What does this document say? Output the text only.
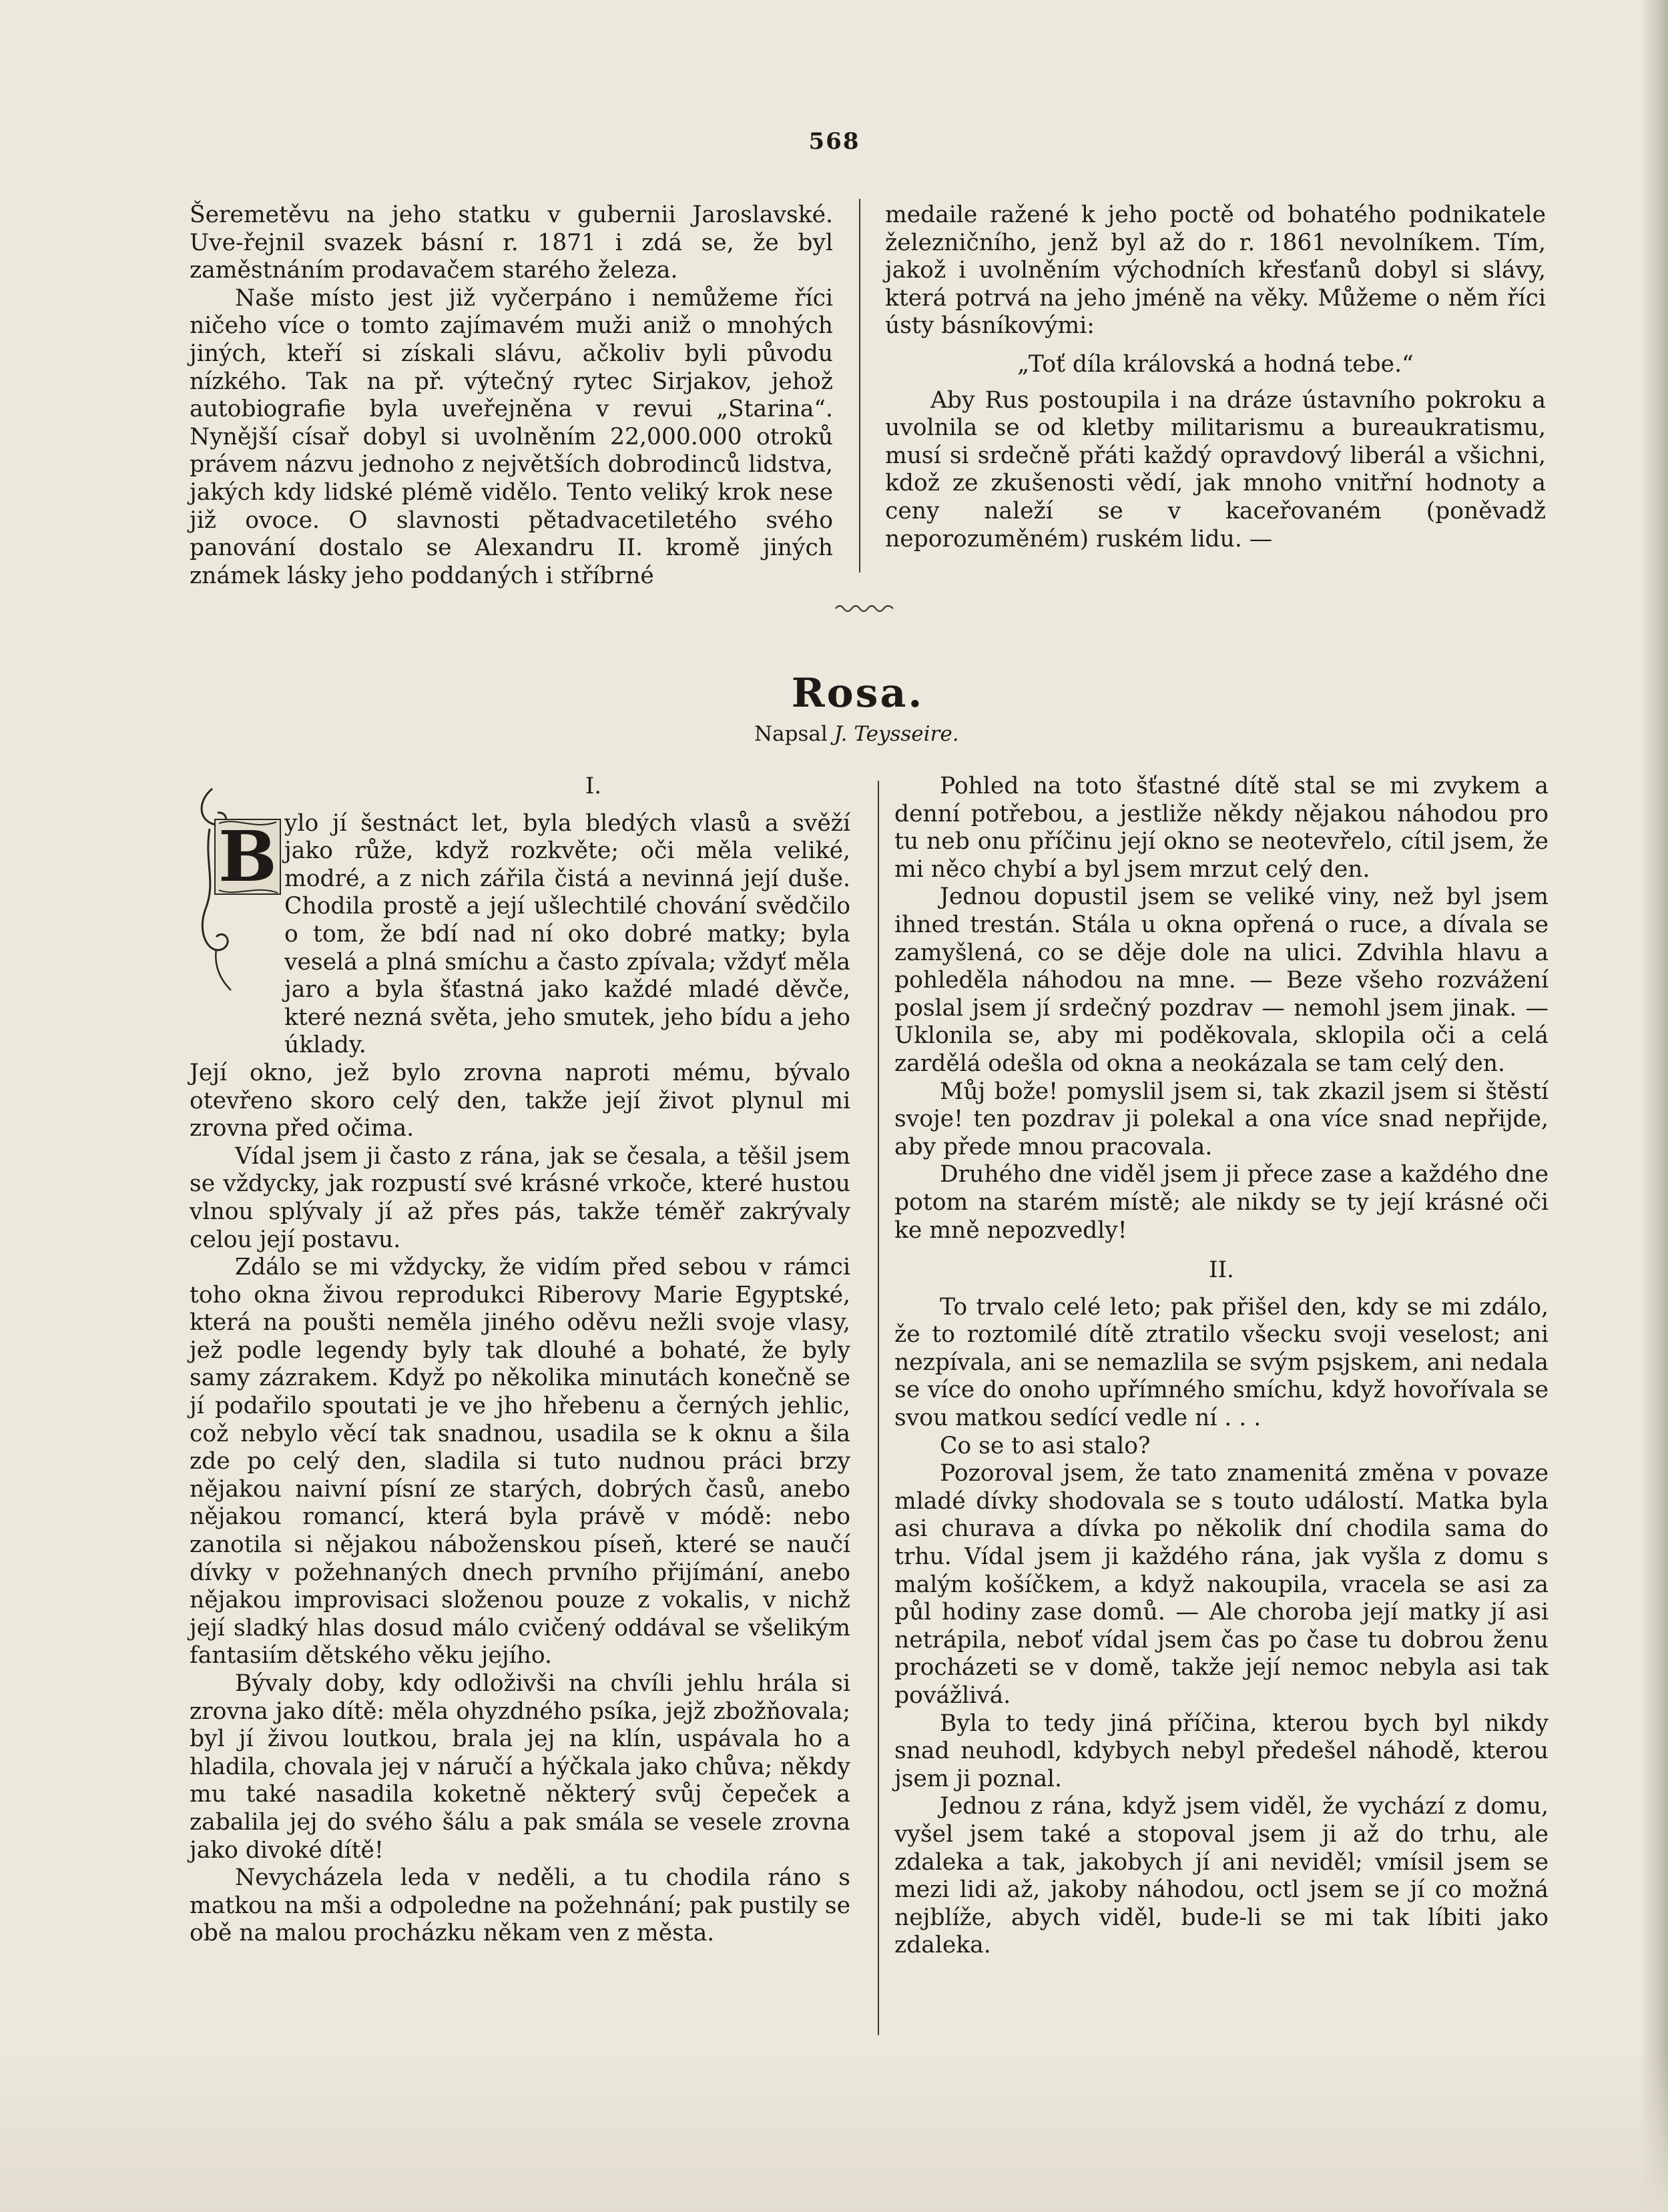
568

Šeremetěvu na jeho statku v gubernii Jaroslavské. Uve-řejnil svazek básní r. 1871 i zdá se, že byl zaměstnáním prodavačem starého železa.

Naše místo jest již vyčerpáno i nemůžeme říci ničeho více o tomto zajímavém muži aniž o mnohých jiných, kteří si získali slávu, ačkoliv byli původu nízkého. Tak na př. výtečný rytec Sirjakov, jehož autobiografie byla uveřejněna v revui „Starina“. Nynější císař dobyl si uvolněním 22,000.000 otroků právem názvu jednoho z největších dobrodinců lidstva, jakých kdy lidské plémě vidělo. Tento veliký krok nese již ovoce. O slavnosti pětadvacetiletého svého panování dostalo se Alexandru II. kromě jiných známek lásky jeho poddaných i stříbrné

medaile ražené k jeho poctě od bohatého podnikatele železničního, jenž byl až do r. 1861 nevolníkem. Tím, jakož i uvolněním východních křesťanů dobyl si slávy, která potrvá na jeho jméně na věky. Můžeme o něm říci ústy básníkovými:

„Toť díla královská a hodná tebe.“

Aby Rus postoupila i na dráze ústavního pokroku a uvolnila se od kletby militarismu a bureaukratismu, musí si srdečně přáti každý opravdový liberál a všichni, kdož ze zkušenosti vědí, jak mnoho vnitřní hodnoty a ceny naleží se v kaceřovaném (poněvadž neporozuměném) ruském lidu. —

Rosa.
Napsal J. Teysseire.
B

I.

ylo jí šestnáct let, byla bledých vlasů a svěží jako růže, když rozkvěte; oči měla veliké, modré, a z nich zářila čistá a nevinná její duše. Chodila prostě a její ušlechtilé chování svědčilo o tom, že bdí nad ní oko dobré matky; byla veselá a plná smíchu a často zpívala; vždyť měla jaro a byla šťastná jako každé mladé děvče, které nezná světa, jeho smutek, jeho bídu a jeho úklady.

Její okno, jež bylo zrovna naproti mému, bývalo otevřeno skoro celý den, takže její život plynul mi zrovna před očima.

Vídal jsem ji často z rána, jak se česala, a těšil jsem se vždycky, jak rozpustí své krásné vrkoče, které hustou vlnou splývaly jí až přes pás, takže téměř zakrývaly celou její postavu.

Zdálo se mi vždycky, že vidím před sebou v rámci toho okna živou reprodukci Riberovy Marie Egyptské, která na poušti neměla jiného oděvu nežli svoje vlasy, jež podle legendy byly tak dlouhé a bohaté, že byly samy zázrakem. Když po několika minutách konečně se jí podařilo spoutati je ve jho hřebenu a černých jehlic, což nebylo věcí tak snadnou, usadila se k oknu a šila zde po celý den, sladila si tuto nudnou práci brzy nějakou naivní písní ze starých, dobrých časů, anebo nějakou romancí, která byla právě v módě: nebo zanotila si nějakou náboženskou píseň, které se naučí dívky v požehnaných dnech prvního přijímání, anebo nějakou improvisaci složenou pouze z vokalis, v nichž její sladký hlas dosud málo cvičený oddával se všelikým fantasiím dětského věku jejího.

Bývaly doby, kdy odloživši na chvíli jehlu hrála si zrovna jako dítě: měla ohyzdného psíka, jejž zbožňovala; byl jí živou loutkou, brala jej na klín, uspávala ho a hladila, chovala jej v náručí a hýčkala jako chůva; někdy mu také nasadila koketně některý svůj čepeček a zabalila jej do svého šálu a pak smála se vesele zrovna jako divoké dítě!

Nevycházela leda v neděli, a tu chodila ráno s matkou na mši a odpoledne na požehnání; pak pustily se obě na malou procházku někam ven z města.

Pohled na toto šťastné dítě stal se mi zvykem a denní potřebou, a jestliže někdy nějakou náhodou pro tu neb onu příčinu její okno se neotevřelo, cítil jsem, že mi něco chybí a byl jsem mrzut celý den.

Jednou dopustil jsem se veliké viny, než byl jsem ihned trestán. Stála u okna opřená o ruce, a dívala se zamyšlená, co se děje dole na ulici. Zdvihla hlavu a pohleděla náhodou na mne. — Beze všeho rozvážení poslal jsem jí srdečný pozdrav — nemohl jsem jinak. — Uklonila se, aby mi poděkovala, sklopila oči a celá zardělá odešla od okna a neokázala se tam celý den.

Můj bože! pomyslil jsem si, tak zkazil jsem si štěstí svoje! ten pozdrav ji polekal a ona více snad nepřijde, aby přede mnou pracovala.

Druhého dne viděl jsem ji přece zase a každého dne potom na starém místě; ale nikdy se ty její krásné oči ke mně nepozvedly!

II.

To trvalo celé leto; pak přišel den, kdy se mi zdálo, že to roztomilé dítě ztratilo všecku svoji veselost; ani nezpívala, ani se nemazlila se svým psjskem, ani nedala se více do onoho upřímného smíchu, když hovořívala se svou matkou sedící vedle ní . . .

Co se to asi stalo?

Pozoroval jsem, že tato znamenitá změna v povaze mladé dívky shodovala se s touto událostí. Matka byla asi churava a dívka po několik dní chodila sama do trhu. Vídal jsem ji každého rána, jak vyšla z domu s malým košíčkem, a když nakoupila, vracela se asi za půl hodiny zase domů. — Ale choroba její matky jí asi netrápila, neboť vídal jsem čas po čase tu dobrou ženu procházeti se v domě, takže její nemoc nebyla asi tak povážlivá.

Byla to tedy jiná příčina, kterou bych byl nikdy snad neuhodl, kdybych nebyl předešel náhodě, kterou jsem ji poznal.

Jednou z rána, když jsem viděl, že vychází z domu, vyšel jsem také a stopoval jsem ji až do trhu, ale zdaleka a tak, jakobych jí ani neviděl; vmísil jsem se mezi lidi až, jakoby náhodou, octl jsem se jí co možná nejblíže, abych viděl, bude-li se mi tak líbiti jako zdaleka.
